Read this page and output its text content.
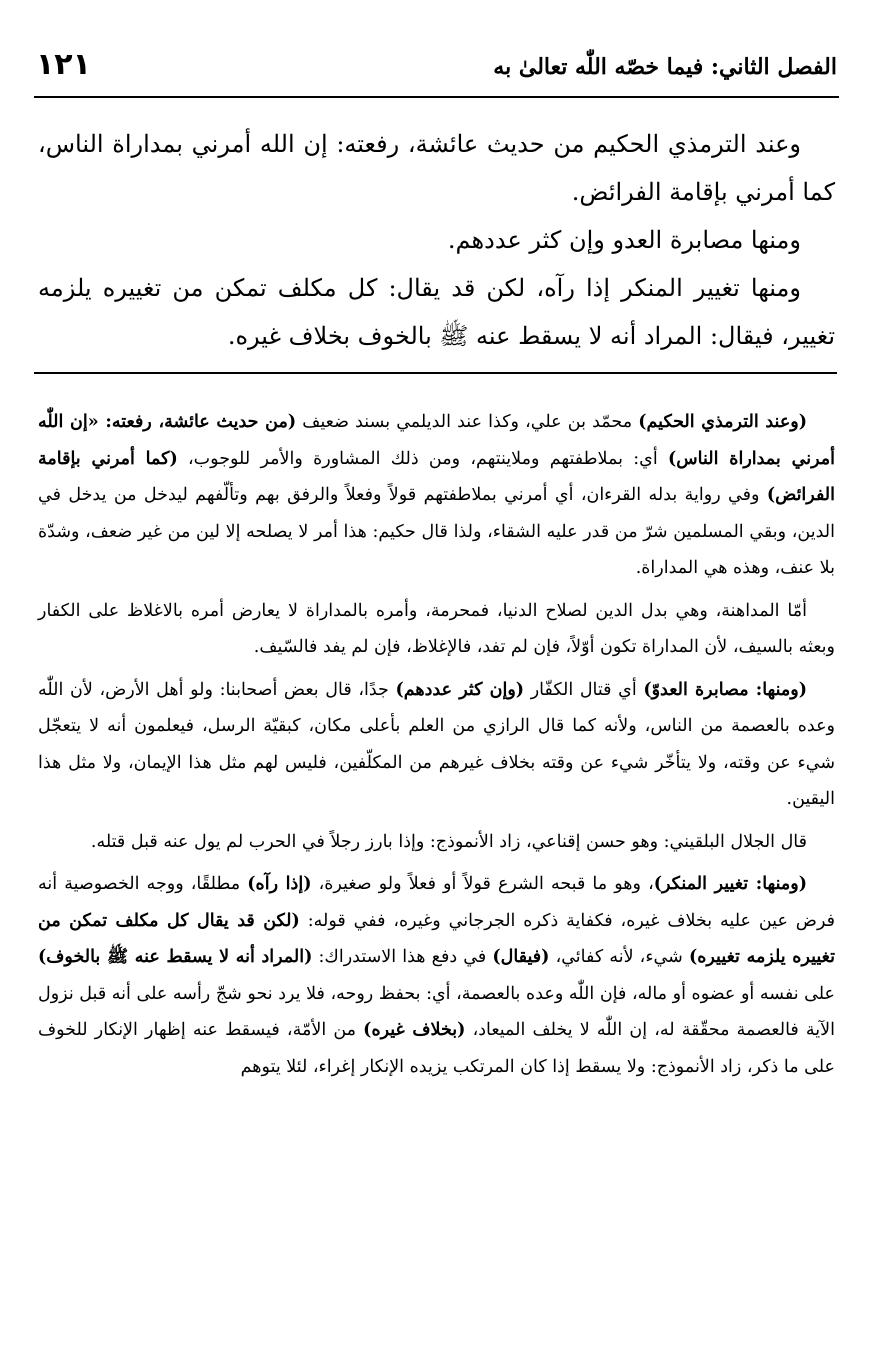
الفصل الثاني: فيما خصّه اللّٰه تعالىٰ به
١٢١

وعند الترمذي الحكيم من حديث عائشة، رفعته: إن الله أمرني بمداراة الناس، كما أمرني بإقامة الفرائض.

ومنها مصابرة العدو وإن كثر عددهم.

ومنها تغيير المنكر إذا رآه، لكن قد يقال: كل مكلف تمكن من تغييره يلزمه تغيير، فيقال: المراد أنه لا يسقط عنه ﷺ بالخوف بخلاف غيره.

(وعند الترمذي الحكيم) محمّد بن علي، وكذا عند الديلمي بسند ضعيف (من حديث عائشة، رفعته: «إن اللّٰه أمرني بمداراة الناس) أي: بملاطفتهم وملاينتهم، ومن ذلك المشاورة والأمر للوجوب، (كما أمرني بإقامة الفرائض) وفي رواية بدله القرءان، أي أمرني بملاطفتهم قولاً وفعلاً والرفق بهم وتألّفهم ليدخل من يدخل في الدين، وبقي المسلمين شرّ من قدر عليه الشقاء، ولذا قال حكيم: هذا أمر لا يصلحه إلا لين من غير ضعف، وشدّة بلا عنف، وهذه هي المداراة.

أمّا المداهنة، وهي بدل الدين لصلاح الدنيا، فمحرمة، وأمره بالمداراة لا يعارض أمره بالاغلاظ على الكفار وبعثه بالسيف، لأن المداراة تكون أوّلاً، فإن لم تفد، فالإغلاظ، فإن لم يفد فالسّيف.

(ومنها: مصابرة العدوّ) أي قتال الكفّار (وإن كثر عددهم) جدًا، قال بعض أصحابنا: ولو أهل الأرض، لأن اللّٰه وعده بالعصمة من الناس، ولأنه كما قال الرازي من العلم بأعلى مكان، كبقيّة الرسل، فيعلمون أنه لا يتعجّل شيء عن وقته، ولا يتأخّر شيء عن وقته بخلاف غيرهم من المكلّفين، فليس لهم مثل هذا الإيمان، ولا مثل هذا اليقين.

قال الجلال البلقيني: وهو حسن إقناعي، زاد الأنموذج: وإذا بارز رجلاً في الحرب لم يول عنه قبل قتله.

(ومنها: تغيير المنكر)، وهو ما قبحه الشرع قولاً أو فعلاً ولو صغيرة، (إذا رآه) مطلقًا، ووجه الخصوصية أنه فرض عين عليه بخلاف غيره، فكفاية ذكره الجرجاني وغيره، ففي قوله: (لكن قد يقال كل مكلف تمكن من تغييره يلزمه تغييره) شيء، لأنه كفائي، (فيقال) في دفع هذا الاستدراك: (المراد أنه لا يسقط عنه ﷺ بالخوف) على نفسه أو عضوه أو ماله، فإن اللّٰه وعده بالعصمة، أي: بحفظ روحه، فلا يرد نحو شجّ رأسه على أنه قبل نزول الآية فالعصمة محقّقة له، إن اللّٰه لا يخلف الميعاد، (بخلاف غيره) من الأمّة، فيسقط عنه إظهار الإنكار للخوف على ما ذكر، زاد الأنموذج: ولا يسقط إذا كان المرتكب يزيده الإنكار إغراء، لئلا يتوهم
